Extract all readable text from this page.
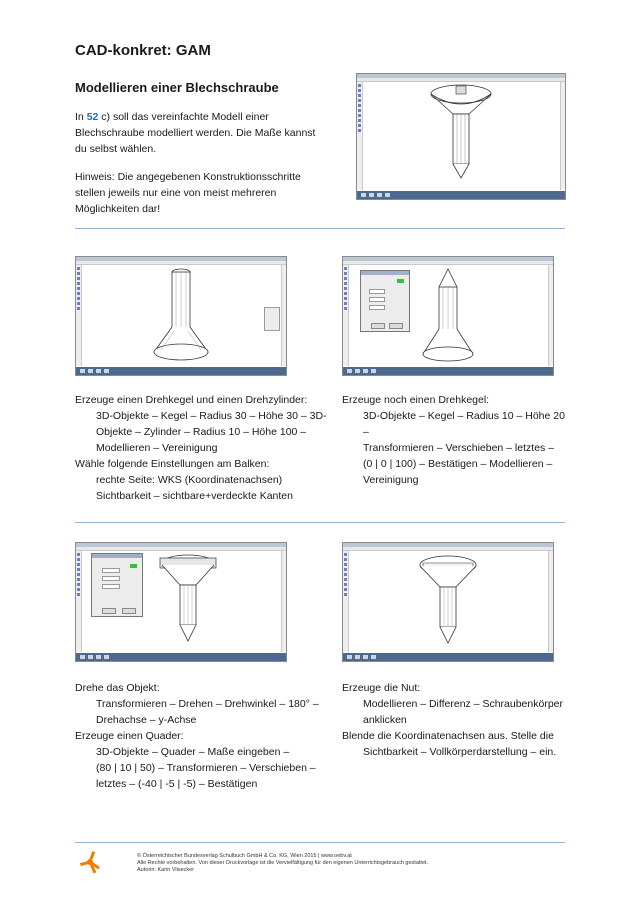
CAD-konkret: GAM
Modellieren einer Blechschraube
In 52 c) soll das vereinfachte Modell einer
Blechschraube modelliert werden. Die Maße kannst
du selbst wählen.
Hinweis: Die angegebenen Konstruktionsschritte
stellen jeweils nur eine von meist mehreren
Möglichkeiten dar!
Erzeuge einen Drehkegel und einen Drehzylinder:
3D-Objekte – Kegel – Radius 30 – Höhe 30 – 3D-
Objekte – Zylinder – Radius 10 – Höhe 100 –
Modellieren – Vereinigung
Wähle folgende Einstellungen am Balken:
rechte Seite: WKS (Koordinatenachsen)
Sichtbarkeit – sichtbare+verdeckte Kanten
Erzeuge noch einen Drehkegel:
3D-Objekte – Kegel – Radius 10 – Höhe 20 –
Transformieren – Verschieben – letztes –
(0 | 0 | 100) – Bestätigen – Modellieren –
Vereinigung
Drehe das Objekt:
Transformieren – Drehen – Drehwinkel – 180° –
Drehachse – y-Achse
Erzeuge einen Quader:
3D-Objekte – Quader – Maße eingeben –
(80 | 10 | 50) – Transformieren – Verschieben –
letztes – (-40 | -5 | -5) – Bestätigen
Erzeuge die Nut:
Modellieren – Differenz – Schraubenkörper
anklicken
Blende die Koordinatenachsen aus. Stelle die
Sichtbarkeit – Vollkörperdarstellung – ein.
© Österreichischer Bundesverlag Schulbuch GmbH & Co. KG, Wien 2015 | www.oebv.at
Alle Rechte vorbehalten. Von dieser Druckvorlage ist die Vervielfältigung für den eigenen Unterrichtsgebrauch gestattet.
Autorin: Karin Viisecker
